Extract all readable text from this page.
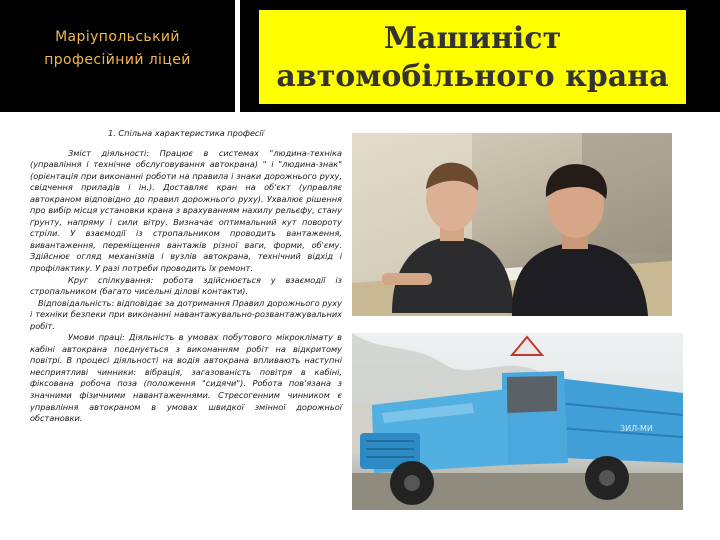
Маріупольський
професійний ліцей
Машиніст
автомобільного крана

1. Спільна характеристика професії

Зміст діяльності: Працює в системах "людина-техніка (управління і технічне обслуговування автокрана) " і "людина-знак" (орієнтація при виконанні роботи на правила і знаки дорожнього руху, свідчення приладів і ін.). Доставляє кран на об'єкт (управляє автокраном відповідно до правил дорожнього руху). Ухвалює рішення про вибір місця установки крана з врахуванням нахилу рельєфу, стану ґрунту, напряму і сили вітру. Визначає оптимальний кут повороту стріли. У взаємодії із стропальником проводить вантаження, вивантаження, переміщення вантажів різної ваги, форми, об'єму. Здійснює огляд механізмів і вузлів автокрана, технічний відхід і профілактику. У разі потреби проводить їх ремонт.

Круг спілкування: робота здійснюється у взаємодії із стропальником (багато чисельні ділові контакти).

Відповідальність: відповідає за дотримання Правил дорожнього руху і техніки безпеки при виконанні навантажувально-розвантажувальних робіт.

Умови праці: Діяльність в умовах побутового мікроклімату в кабіні автокрана поєднується з виконанням робіт на відкритому повітрі. В процесі діяльності на водія автокрана впливають наступні несприятливі чинники: вібрація, загазованість повітря в кабіні, фіксована робоча поза (положення "сидячи"). Робота пов'язана з значними фізичними навантаженнями. Стресогенним чинником є управління автокраном в умовах швидкої змінної дорожньої обстановки.

ЗИЛ-МИ
